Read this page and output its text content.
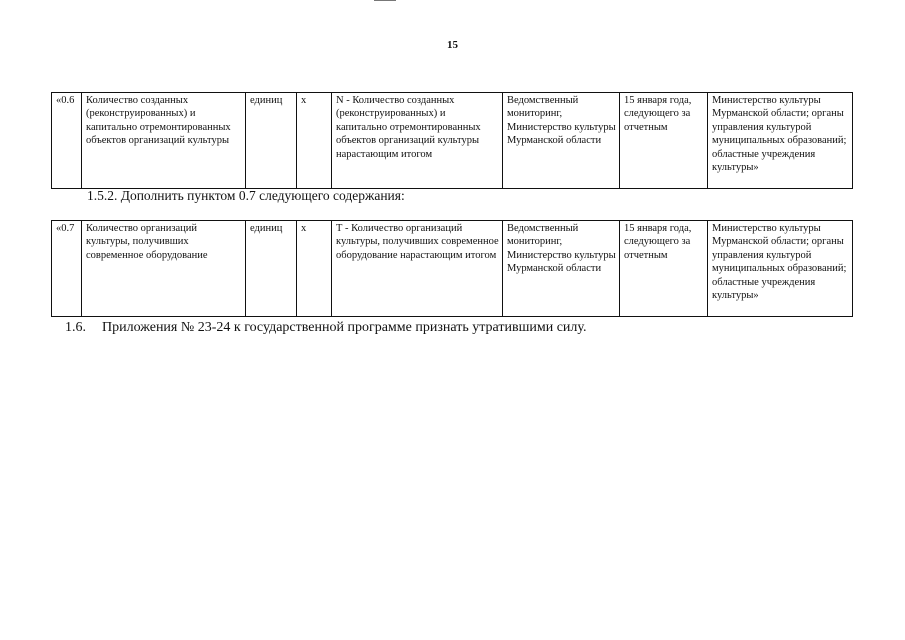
15
«0.6	Количество созданных (реконструированных) и капитально отремонтированных объектов организаций культуры	единиц	х	N - Количество созданных (реконструированных) и капитально отремонтированных объектов организаций культуры нарастающим итогом	Ведомственный мониторинг, Министерство культуры Мурманской области	15 января года, следующего за отчетным	Министерство культуры Мурманской области; органы управления культурой муниципальных образований; областные учреждения культуры»
1.5.2. Дополнить пунктом 0.7 следующего содержания:
«0.7	Количество организаций культуры, получивших современное оборудование	единиц	х	Т - Количество организаций культуры, получивших современное оборудование нарастающим итогом	Ведомственный мониторинг, Министерство культуры Мурманской области	15 января года, следующего за отчетным	Министерство культуры Мурманской области; органы управления культурой муниципальных образований; областные учреждения культуры»
1.6. Приложения № 23-24 к государственной программе признать утратившими силу.
